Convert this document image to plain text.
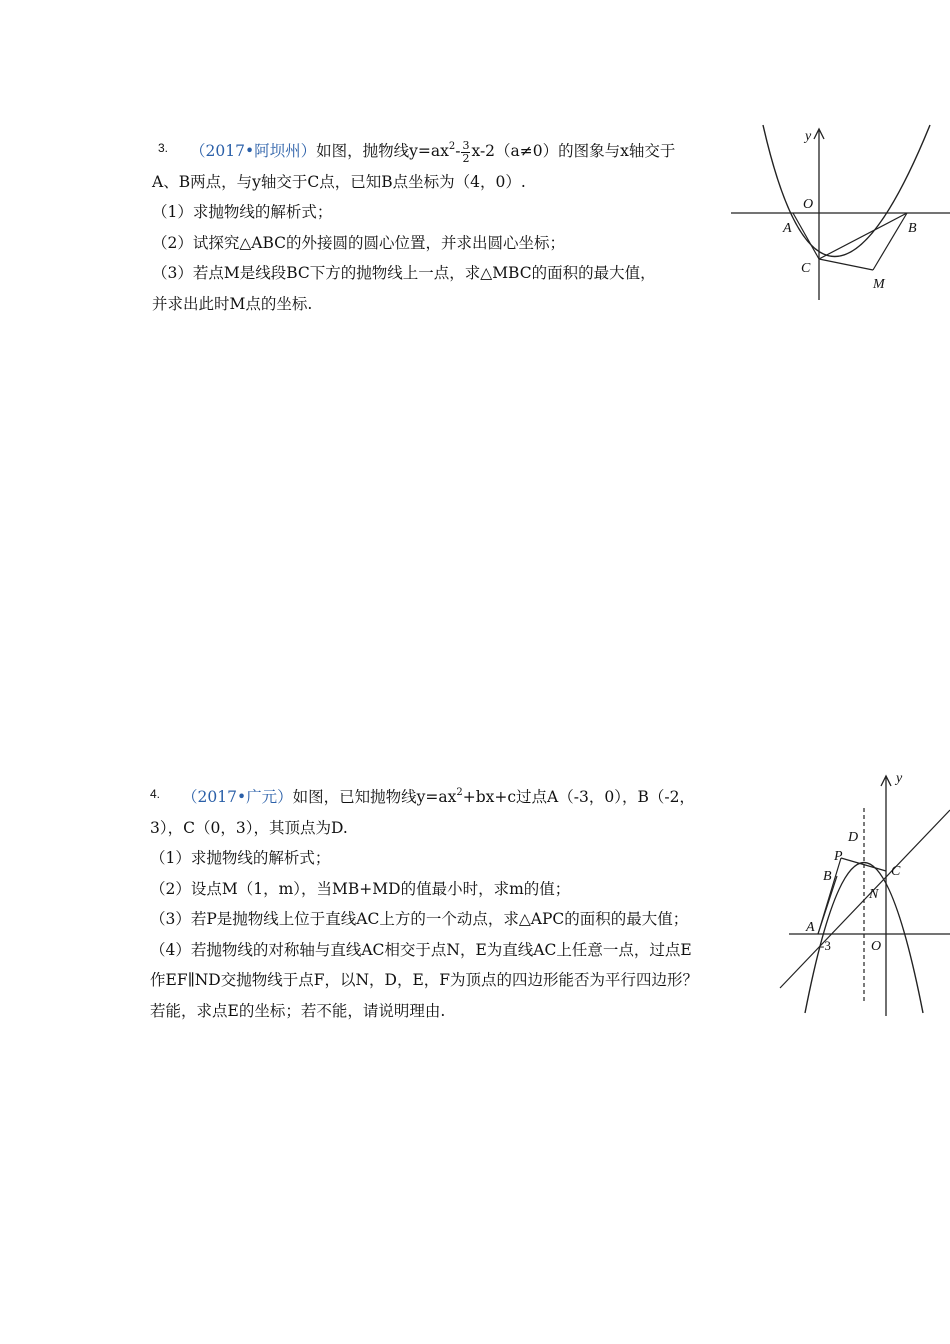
$^{3.}$ （2017•阿坝州）如图，抛物线$y=ax^2- \frac{3}{2} x-2(a\ne 0)$的图象与x轴交于
A、B两点，与y轴交于C点，已知B点坐标为（4，0）.
（1）求抛物线的解析式；
（2）试探究△ABC的外接圆的圆心位置，并求出圆心坐标；
（3）若点M是线段BC下方的抛物线上一点，求△MBC的面积的最大值，
并求出此时M点的坐标.
y
O
A	B
C
M
$^{4.}$ （2017•广元）如图，已知抛物线$y=ax^2+bx+c$过点A（-3，0），B（-2，
3），C（0，3），其顶点为D.
（1）求抛物线的解析式；
（2）设点M（1，m），当MB+MD的值最小时，求m的值；
（3）若P是抛物线上位于直线AC上方的一个动点，求△APC的面积的最大值；
（4）若抛物线的对称轴与直线AC相交于点N，E为直线AC上任意一点，过点E
作EF∥ND交抛物线于点F，以N，D，E，F为顶点的四边形能否为平行四边形？
若能，求点E的坐标；若不能，请说明理由.
y
D
P
C
B
N
A
-3	O
